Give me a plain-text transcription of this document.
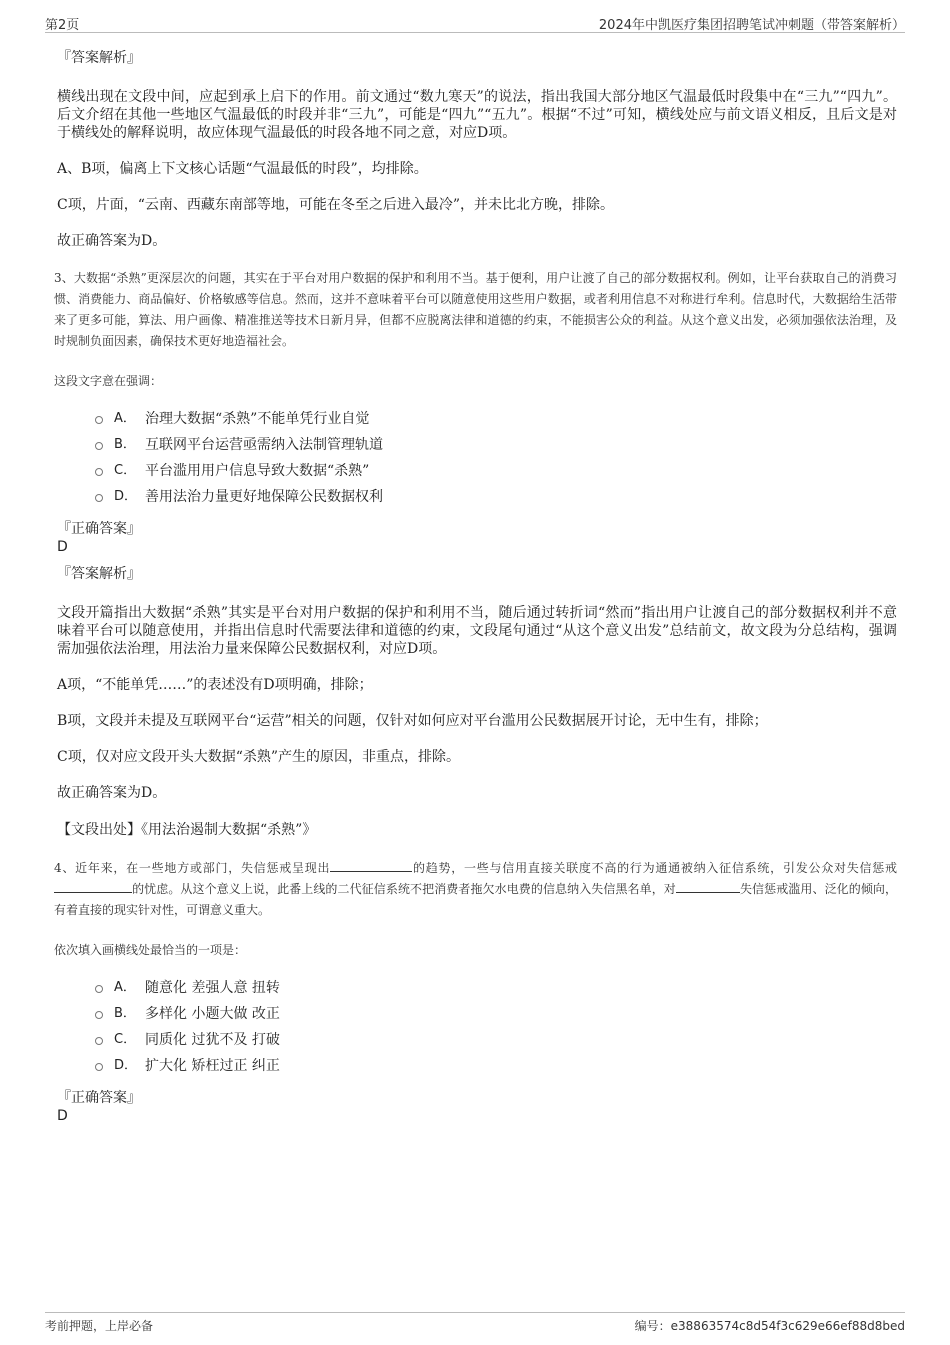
第2页	2024年中凯医疗集团招聘笔试冲刺题（带答案解析）

『答案解析』

横线出现在文段中间，应起到承上启下的作用。前文通过“数九寒天”的说法，指出我国大部分地区气温最低时段集中在“三九”“四九”。后文介绍在其他一些地区气温最低的时段并非“三九”，可能是“四九”“五九”。根据“不过”可知，横线处应与前文语义相反，且后文是对于横线处的解释说明，故应体现气温最低的时段各地不同之意，对应D项。

A、B项，偏离上下文核心话题“气温最低的时段”，均排除。

C项，片面，“云南、西藏东南部等地，可能在冬至之后进入最冷”，并未比北方晚，排除。

故正确答案为D。

3、大数据“杀熟”更深层次的问题，其实在于平台对用户数据的保护和利用不当。基于便利，用户让渡了自己的部分数据权利。例如，让平台获取自己的消费习惯、消费能力、商品偏好、价格敏感等信息。然而，这并不意味着平台可以随意使用这些用户数据，或者利用信息不对称进行牟利。信息时代，大数据给生活带来了更多可能，算法、用户画像、精准推送等技术日新月异，但都不应脱离法律和道德的约束，不能损害公众的利益。从这个意义出发，必须加强依法治理，及时规制负面因素，确保技术更好地造福社会。

这段文字意在强调：

A． 治理大数据“杀熟”不能单凭行业自觉
B． 互联网平台运营亟需纳入法制管理轨道
C． 平台滥用用户信息导致大数据“杀熟”
D． 善用法治力量更好地保障公民数据权利

『正确答案』

D

『答案解析』

文段开篇指出大数据“杀熟”其实是平台对用户数据的保护和利用不当，随后通过转折词“然而”指出用户让渡自己的部分数据权利并不意味着平台可以随意使用，并指出信息时代需要法律和道德的约束，文段尾句通过“从这个意义出发”总结前文，故文段为分总结构，强调需加强依法治理，用法治力量来保障公民数据权利，对应D项。

A项，“不能单凭……”的表述没有D项明确，排除；

B项，文段并未提及互联网平台“运营”相关的问题，仅针对如何应对平台滥用公民数据展开讨论，无中生有，排除；

C项，仅对应文段开头大数据“杀熟”产生的原因，非重点，排除。

故正确答案为D。

【文段出处】《用法治遏制大数据“杀熟”》

4、近年来，在一些地方或部门，失信惩戒呈现出	的趋势，一些与信用直接关联度不高的行为通通被纳入征信系统，引发公众对失信惩戒的忧虑。从这个意义上说，此番上线的二代征信系统不把消费者拖欠水电费的信息纳入失信黑名单，对	失信惩戒滥用、泛化的倾向，有着直接的现实针对性，可谓意义重大。

依次填入画横线处最恰当的一项是：

A． 随意化 差强人意 扭转
B． 多样化 小题大做 改正
C． 同质化 过犹不及 打破
D． 扩大化 矫枉过正 纠正

『正确答案』

D

考前押题，上岸必备	编号：e38863574c8d54f3c629e66ef88d8bed
